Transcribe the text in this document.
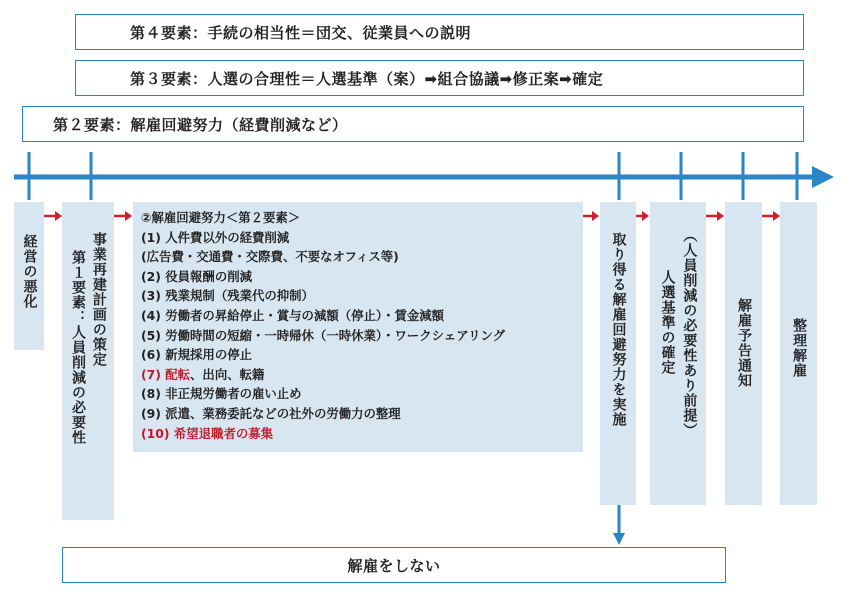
第４要素：手続の相当性＝団交、従業員への説明
第３要素：人選の合理性＝人選基準（案）➡組合協議➡修正案➡確定
第２要素：解雇回避努力（経費削減など）
経営の悪化	事業再建計画の策定
第１要素：人員削減の必要性
②解雇回避努力＜第２要素＞
(1) 人件費以外の経費削減
(広告費・交通費・交際費、不要なオフィス等)
(2) 役員報酬の削減
(3) 残業規制（残業代の抑制）
(4) 労働者の昇給停止・賞与の減額（停止）・賃金減額
(5) 労働時間の短縮・一時帰休（一時休業）・ワークシェアリング
(6) 新規採用の停止
(7) 配転、出向、転籍
(8) 非正規労働者の雇い止め
(9) 派遣、業務委託などの社外の労働力の整理
(10) 希望退職者の募集
取り得る解雇回避努力を実施	（人員削減の必要性あり前提）
人選基準の確定	解雇予告通知	整理解雇
解雇をしない
